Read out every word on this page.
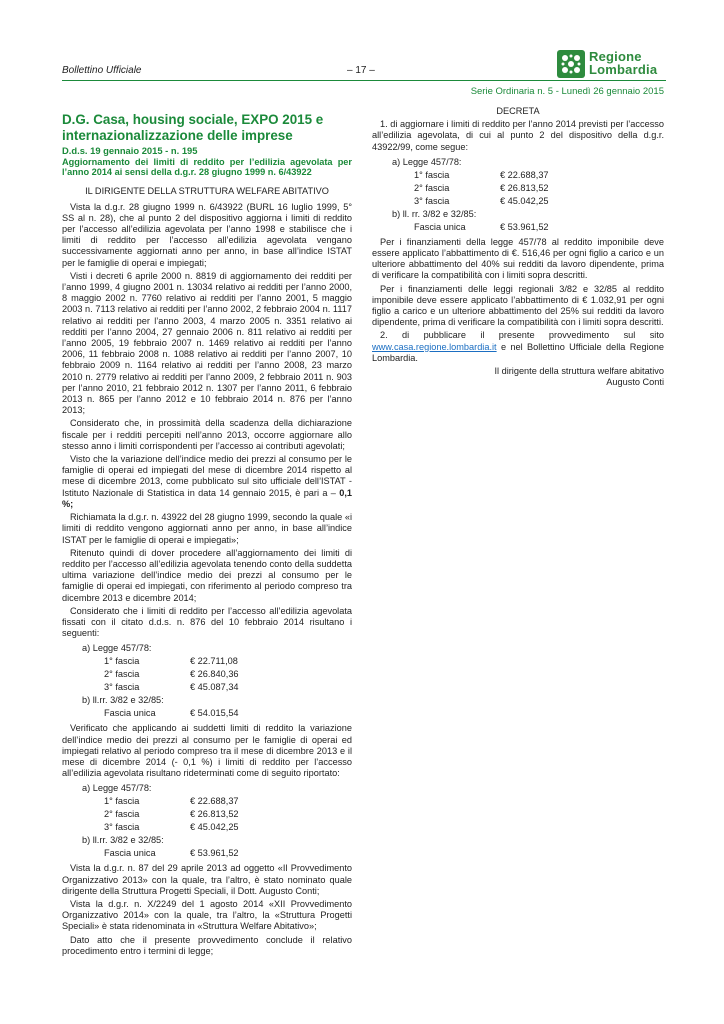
Bollettino Ufficiale	– 17 –
Regione
Lombardia
Serie Ordinaria n. 5 - Lunedì 26 gennaio 2015
D.G. Casa, housing sociale, EXPO 2015 e internazionalizzazione delle imprese
D.d.s. 19 gennaio 2015 - n. 195
Aggiornamento dei limiti di reddito per l’edilizia agevolata per l’anno 2014 ai sensi della d.g.r. 28 giugno 1999 n. 6/43922
IL DIRIGENTE DELLA STRUTTURA WELFARE ABITATIVO

Vista la d.g.r. 28 giugno 1999 n. 6/43922 (BURL 16 luglio 1999, 5° SS al n. 28), che al punto 2 del dispositivo aggiorna i limiti di reddito per l’accesso all’edilizia agevolata per l’anno 1998 e stabilisce che i limiti di reddito per l’accesso all’edilizia agevolata vengano successivamente aggiornati anno per anno, in base all’indice ISTAT per le famiglie di operai e impiegati;

Visti i decreti 6 aprile 2000 n. 8819 di aggiornamento dei redditi per l’anno 1999, 4 giugno 2001 n. 13034 relativo ai redditi per l’anno 2000, 8 maggio 2002 n. 7760 relativo ai redditi per l’anno 2001, 5 maggio 2003 n. 7113 relativo ai redditi per l’anno 2002, 2 febbraio 2004 n. 1117 relativo ai redditi per l’anno 2003, 4 marzo 2005 n. 3351 relativo ai redditi per l’anno 2004, 27 gennaio 2006 n. 811 relativo ai redditi per l’anno 2005, 19 febbraio 2007 n. 1469 relativo ai redditi per l’anno 2006, 11 febbraio 2008 n. 1088 relativo ai redditi per l’anno 2007, 10 febbraio 2009 n. 1164 relativo ai redditi per l’anno 2008, 23 marzo 2010 n. 2779 relativo ai redditi per l’anno 2009, 2 febbraio 2011 n. 903 per l’anno 2010, 21 febbraio 2012 n. 1307 per l’anno 2011, 6 febbraio 2013 n. 865 per l’anno 2012 e 10 febbraio 2014 n. 876 per l’anno 2013;

Considerato che, in prossimità della scadenza della dichiarazione fiscale per i redditi percepiti nell’anno 2013, occorre aggiornare allo stesso anno i limiti corrispondenti per l’accesso ai contributi agevolati;

Visto che la variazione dell’indice medio dei prezzi al consumo per le famiglie di operai ed impiegati del mese di dicembre 2014 rispetto al mese di dicembre 2013, come pubblicato sul sito ufficiale dell’ISTAT - Istituto Nazionale di Statistica in data 14 gennaio 2015, è pari a – 0,1 %;

Richiamata la d.g.r. n. 43922 del 28 giugno 1999, secondo la quale «i limiti di reddito vengono aggiornati anno per anno, in base all’indice ISTAT per le famiglie di operai e impiegati»;

Ritenuto quindi di dover procedere all’aggiornamento dei limiti di reddito per l’accesso all’edilizia agevolata tenendo conto della suddetta ultima variazione dell’indice medio dei prezzi al consumo per le famiglie di operai ed impiegati, con riferimento al periodo compreso tra dicembre 2013 e dicembre 2014;

Considerato che i limiti di reddito per l’accesso all’edilizia agevolata fissati con il citato d.d.s. n. 876 del 10 febbraio 2014 risultano i seguenti:

a) Legge 457/78:
1° fascia	€ 22.711,08
2° fascia	€ 26.840,36
3° fascia	€ 45.087,34
b) ll.rr. 3/82 e 32/85:
Fascia unica	€ 54.015,54

Verificato che applicando ai suddetti limiti di reddito la variazione dell’indice medio dei prezzi al consumo per le famiglie di operai ed impiegati relativo al periodo compreso tra il mese di dicembre 2013 e il mese di dicembre 2014 (- 0,1 %) i limiti di reddito per l’accesso all’edilizia agevolata risultano rideterminati come di seguito riportato:

a) Legge 457/78:
1° fascia	€ 22.688,37
2° fascia	€ 26.813,52
3° fascia	€ 45.042,25
b) ll.rr. 3/82 e 32/85:
Fascia unica	€ 53.961,52

Vista la d.g.r. n. 87 del 29 aprile 2013 ad oggetto «Il Provvedimento Organizzativo 2013» con la quale, tra l’altro, è stato nominato quale dirigente della Struttura Progetti Speciali, il Dott. Augusto Conti;

Vista la d.g.r. n. X/2249 del 1 agosto 2014 «XII Provvedimento Organizzativo 2014» con la quale, tra l’altro, la «Struttura Progetti Speciali» è stata ridenominata in «Struttura Welfare Abitativo»;

Dato atto che il presente provvedimento conclude il relativo procedimento entro i termini di legge;

DECRETA

1. di aggiornare i limiti di reddito per l’anno 2014 previsti per l’accesso all’edilizia agevolata, di cui al punto 2 del dispositivo della d.g.r. 43922/99, come segue:

a) Legge 457/78:
1° fascia	€ 22.688,37
2° fascia	€ 26.813,52
3° fascia	€ 45.042,25
b) ll. rr. 3/82 e 32/85:
Fascia unica	€ 53.961,52

Per i finanziamenti della legge 457/78 al reddito imponibile deve essere applicato l’abbattimento di €. 516,46 per ogni figlio a carico e un ulteriore abbattimento del 40% sui redditi da lavoro dipendente, prima di verificare la compatibilità con i limiti sopra descritti.

Per i finanziamenti delle leggi regionali 3/82 e 32/85 al reddito imponibile deve essere applicato l’abbattimento di € 1.032,91 per ogni figlio a carico e un ulteriore abbattimento del 25% sui redditi da lavoro dipendente, prima di verificare la compatibilità con i limiti sopra descritti.

2. di pubblicare il presente provvedimento sul sito www.casa.regione.lombardia.it e nel Bollettino Ufficiale della Regione Lombardia.

Il dirigente della struttura welfare abitativo
Augusto Conti
